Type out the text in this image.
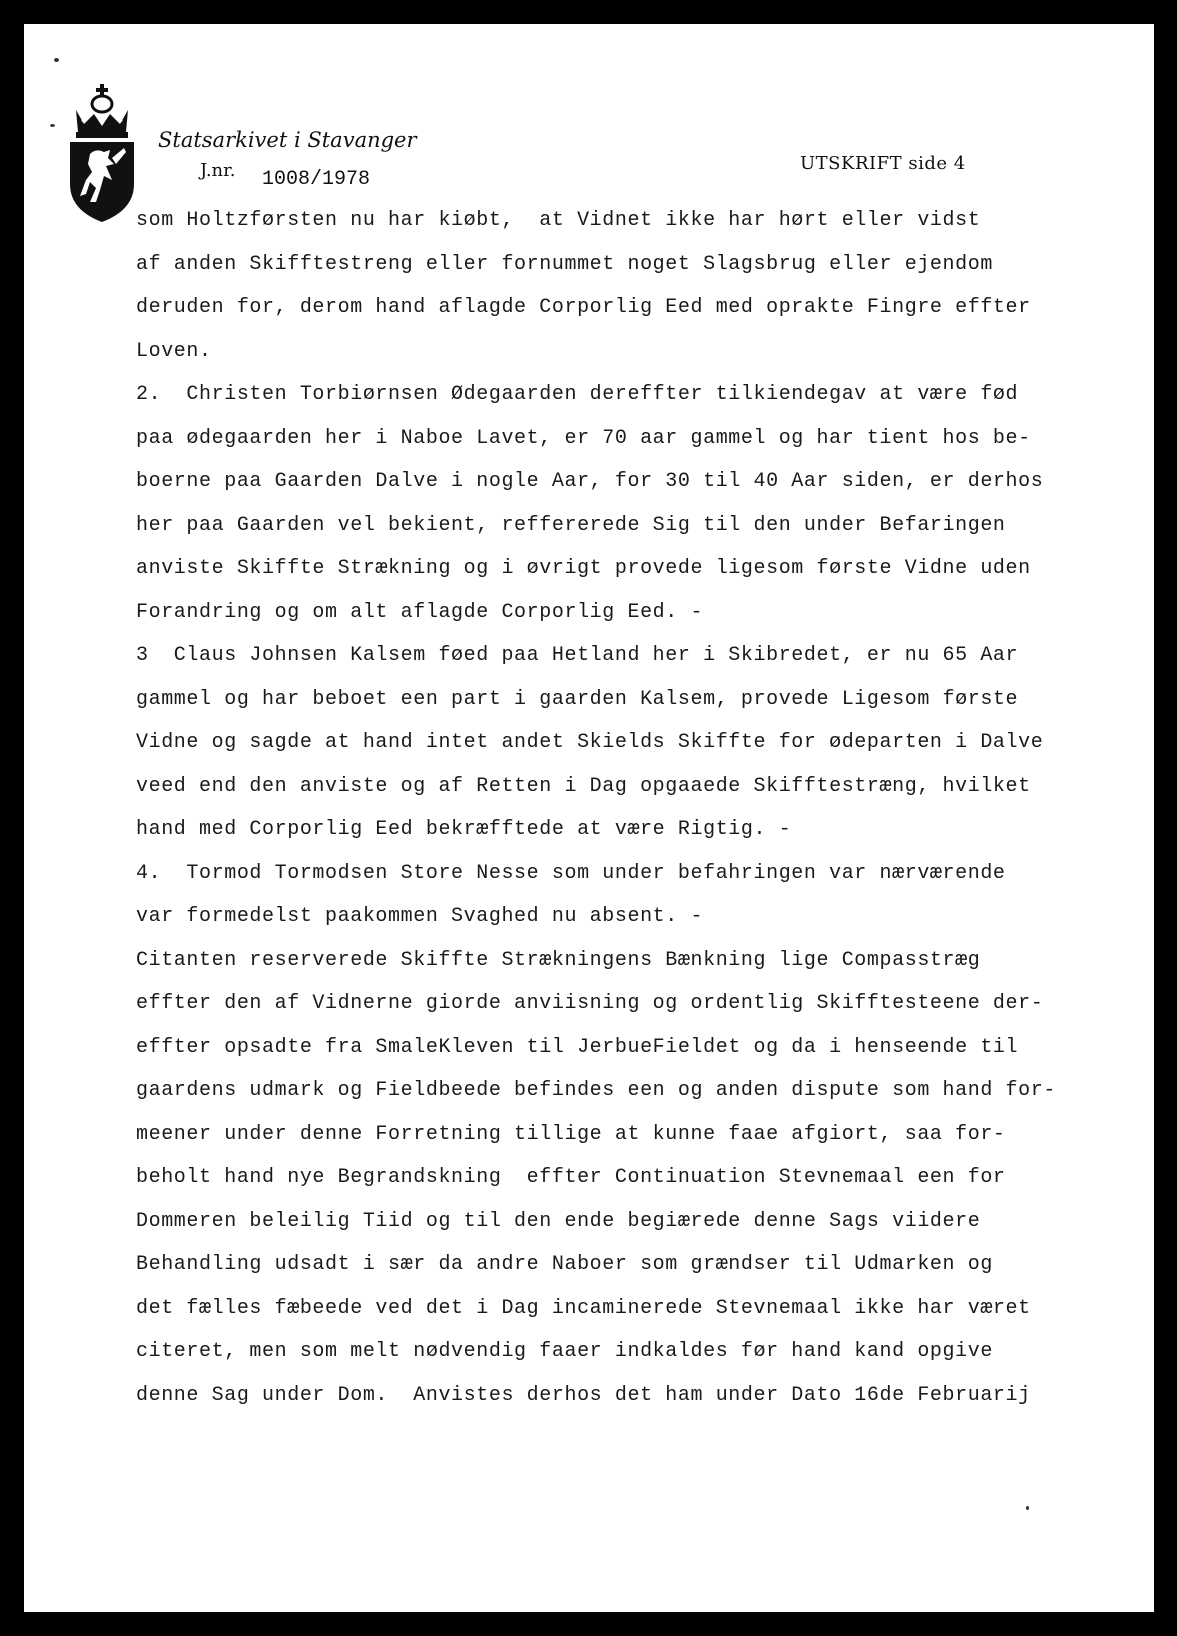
Statsarkivet i Stavanger
J.nr. 1008/1978
UTSKRIFT side 4
som Holtzførsten nu har kiøbt,  at Vidnet ikke har hørt eller vidst
af anden Skifftestreng eller fornummet noget Slagsbrug eller ejendom
deruden for, derom hand aflagde Corporlig Eed med oprakte Fingre effter
Loven.
2.  Christen Torbiørnsen Ødegaarden dereffter tilkiendegav at være fød
paa ødegaarden her i Naboe Lavet, er 70 aar gammel og har tient hos be-
boerne paa Gaarden Dalve i nogle Aar, for 30 til 40 Aar siden, er derhos
her paa Gaarden vel bekient, reffererede Sig til den under Befaringen
anviste Skiffte Strækning og i øvrigt provede ligesom første Vidne uden
Forandring og om alt aflagde Corporlig Eed. -
3  Claus Johnsen Kalsem føed paa Hetland her i Skibredet, er nu 65 Aar
gammel og har beboet een part i gaarden Kalsem, provede Ligesom første
Vidne og sagde at hand intet andet Skields Skiffte for ødeparten i Dalve
veed end den anviste og af Retten i Dag opgaaede Skifftestræng, hvilket
hand med Corporlig Eed bekræfftede at være Rigtig. -
4.  Tormod Tormodsen Store Nesse som under befahringen var nærværende
var formedelst paakommen Svaghed nu absent. -
Citanten reserverede Skiffte Strækningens Bænkning lige Compasstræg
effter den af Vidnerne giorde anviisning og ordentlig Skifftesteene der-
effter opsadte fra SmaleKleven til JerbueFieldet og da i henseende til
gaardens udmark og Fieldbeede befindes een og anden dispute som hand for-
meener under denne Forretning tillige at kunne faae afgiort, saa for-
beholt hand nye Begrandskning  effter Continuation Stevnemaal een for
Dommeren beleilig Tiid og til den ende begiærede denne Sags viidere
Behandling udsadt i sær da andre Naboer som grændser til Udmarken og
det fælles fæbeede ved det i Dag incaminerede Stevnemaal ikke har været
citeret, men som melt nødvendig faaer indkaldes før hand kand opgive
denne Sag under Dom.  Anvistes derhos det ham under Dato 16de Februarij
